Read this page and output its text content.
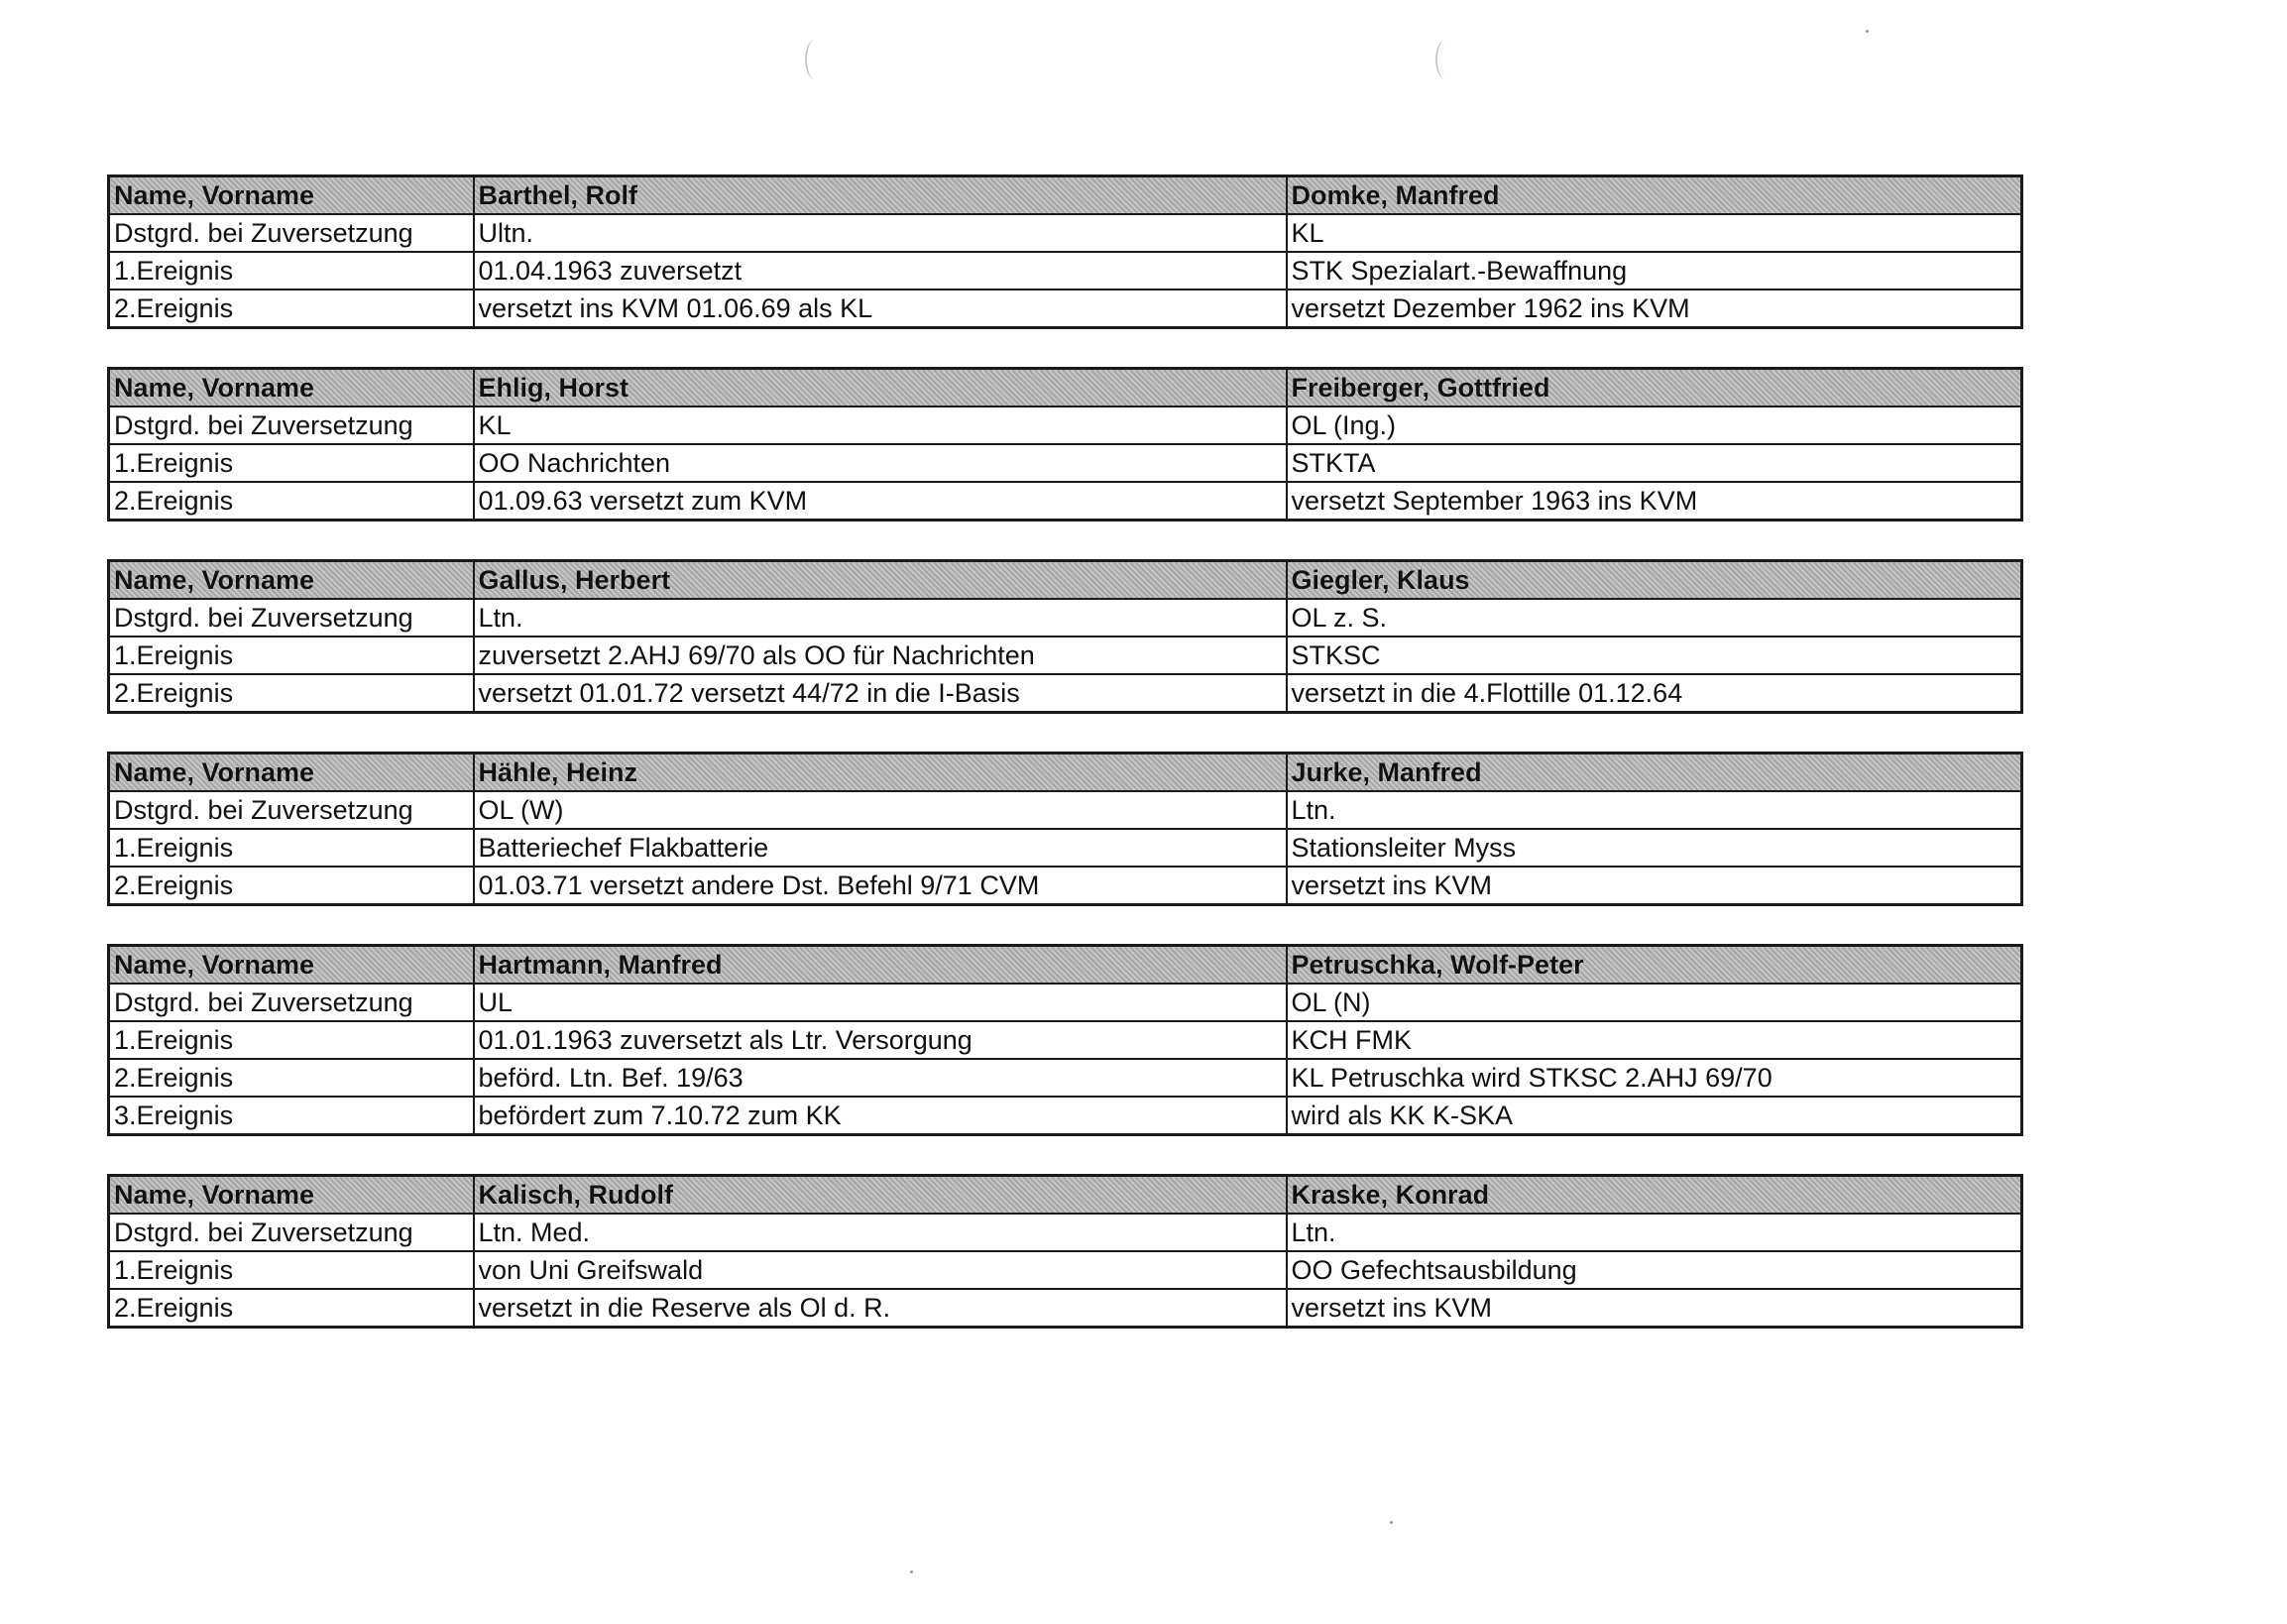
Name, Vorname	Barthel, Rolf	Domke, Manfred
Dstgrd. bei Zuversetzung	Ultn.	KL
1.Ereignis	01.04.1963 zuversetzt	STK Spezialart.-Bewaffnung
2.Ereignis	versetzt ins KVM 01.06.69 als KL	versetzt Dezember 1962 ins KVM
Name, Vorname	Ehlig, Horst	Freiberger, Gottfried
Dstgrd. bei Zuversetzung	KL	OL (Ing.)
1.Ereignis	OO Nachrichten	STKTA
2.Ereignis	01.09.63 versetzt zum KVM	versetzt September 1963 ins KVM
Name, Vorname	Gallus, Herbert	Giegler, Klaus
Dstgrd. bei Zuversetzung	Ltn.	OL z. S.
1.Ereignis	zuversetzt 2.AHJ 69/70 als OO für Nachrichten	STKSC
2.Ereignis	versetzt 01.01.72 versetzt 44/72 in die I-Basis	versetzt in die 4.Flottille 01.12.64
Name, Vorname	Hähle, Heinz	Jurke, Manfred
Dstgrd. bei Zuversetzung	OL (W)	Ltn.
1.Ereignis	Batteriechef Flakbatterie	Stationsleiter Myss
2.Ereignis	01.03.71 versetzt andere Dst. Befehl 9/71 CVM	versetzt ins KVM
Name, Vorname	Hartmann, Manfred	Petruschka, Wolf-Peter
Dstgrd. bei Zuversetzung	UL	OL (N)
1.Ereignis	01.01.1963 zuversetzt als Ltr. Versorgung	KCH FMK
2.Ereignis	beförd. Ltn. Bef. 19/63	KL Petruschka wird STKSC 2.AHJ 69/70
3.Ereignis	befördert zum 7.10.72 zum KK	wird als KK K-SKA
Name, Vorname	Kalisch, Rudolf	Kraske, Konrad
Dstgrd. bei Zuversetzung	Ltn. Med.	Ltn.
1.Ereignis	von Uni Greifswald	OO Gefechtsausbildung
2.Ereignis	versetzt in die Reserve als Ol d. R.	versetzt ins KVM
